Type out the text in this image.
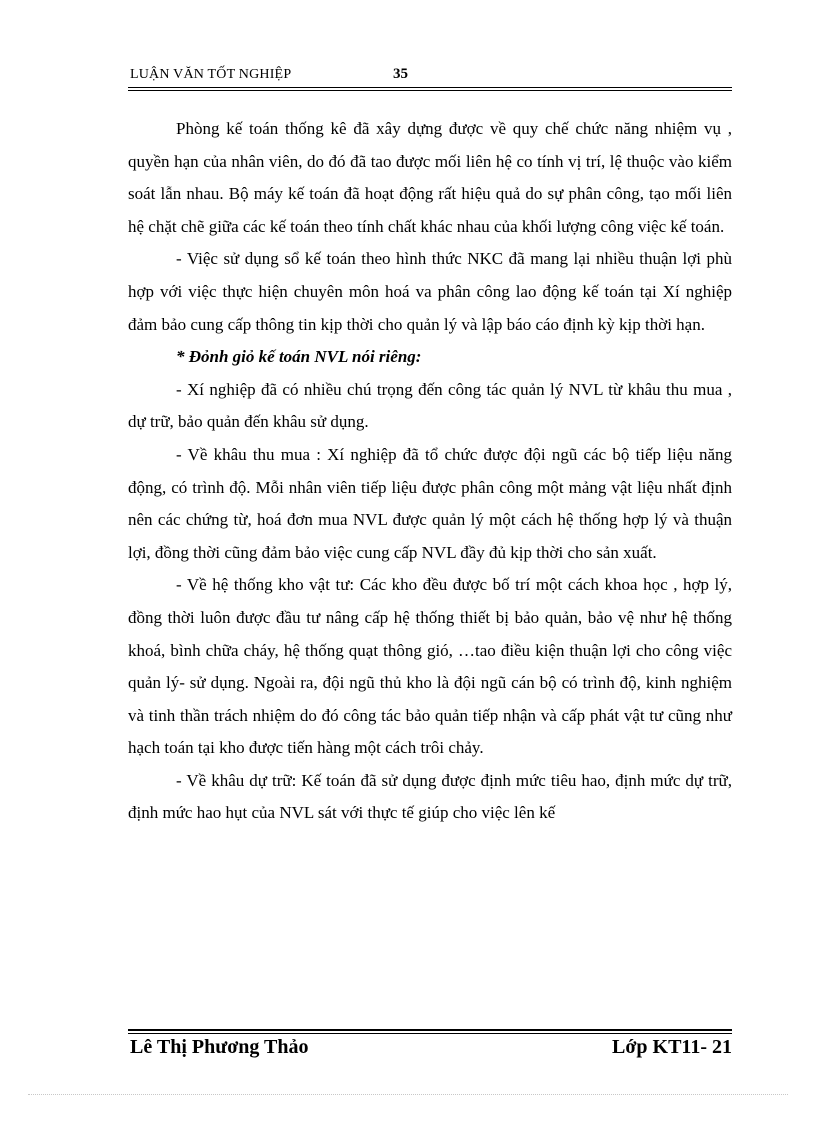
LUẬN VĂN TỐT NGHIỆP	35

Phòng kế toán thống kê đã xây dựng được về quy chế chức năng nhiệm vụ , quyền hạn của nhân viên, do đó đã tao được mối liên hệ co tính vị trí, lệ thuộc vào kiểm soát lẫn nhau. Bộ máy kế toán đã hoạt động rất hiệu quả do sự phân công, tạo mối liên hệ chặt chẽ giữa các kế toán theo tính chất khác nhau của khối lượng công việc kế toán.

- Việc sử dụng sổ kế toán theo hình thức NKC đã mang lại nhiều thuận lợi phù hợp với việc thực hiện chuyên môn hoá va phân công lao động kế toán tại Xí nghiệp đảm bảo cung cấp thông tin kịp thời cho quản lý và lập báo cáo định kỳ kịp thời hạn.

* Đỏnh giỏ kế toán NVL nói riêng:

- Xí nghiệp đã có nhiều chú trọng đến công tác quản lý NVL từ khâu thu mua , dự trữ, bảo quản đến khâu sử dụng.

- Về khâu thu mua : Xí nghiệp đã tổ chức được đội ngũ các bộ tiếp liệu năng động, có trình độ. Mỗi nhân viên tiếp liệu được phân công một mảng vật liệu nhất định nên các chứng từ, hoá đơn mua NVL được quản lý một cách hệ thống hợp lý và thuận lợi, đồng thời cũng đảm bảo việc cung cấp NVL đầy đủ kịp thời cho sản xuất.

- Về hệ thống kho vật tư: Các kho đều được bố trí một cách khoa học , hợp lý, đồng thời luôn được đầu tư nâng cấp hệ thống thiết bị bảo quản, bảo vệ như hệ thống khoá, bình chữa cháy, hệ thống quạt thông gió, …tao điều kiện thuận lợi cho công việc quản lý- sử dụng. Ngoài ra, đội ngũ thủ kho là đội ngũ cán bộ có trình độ, kinh nghiệm và tinh thần trách nhiệm do đó công tác bảo quản tiếp nhận và cấp phát vật tư cũng như hạch toán tại kho được tiến hàng một cách trôi chảy.

- Về khâu dự trữ: Kế toán đã sử dụng được định mức tiêu hao, định mức dự trữ, định mức hao hụt của NVL sát với thực tế giúp cho việc lên kế

Lê Thị Phương Thảo	Lớp KT11- 21
